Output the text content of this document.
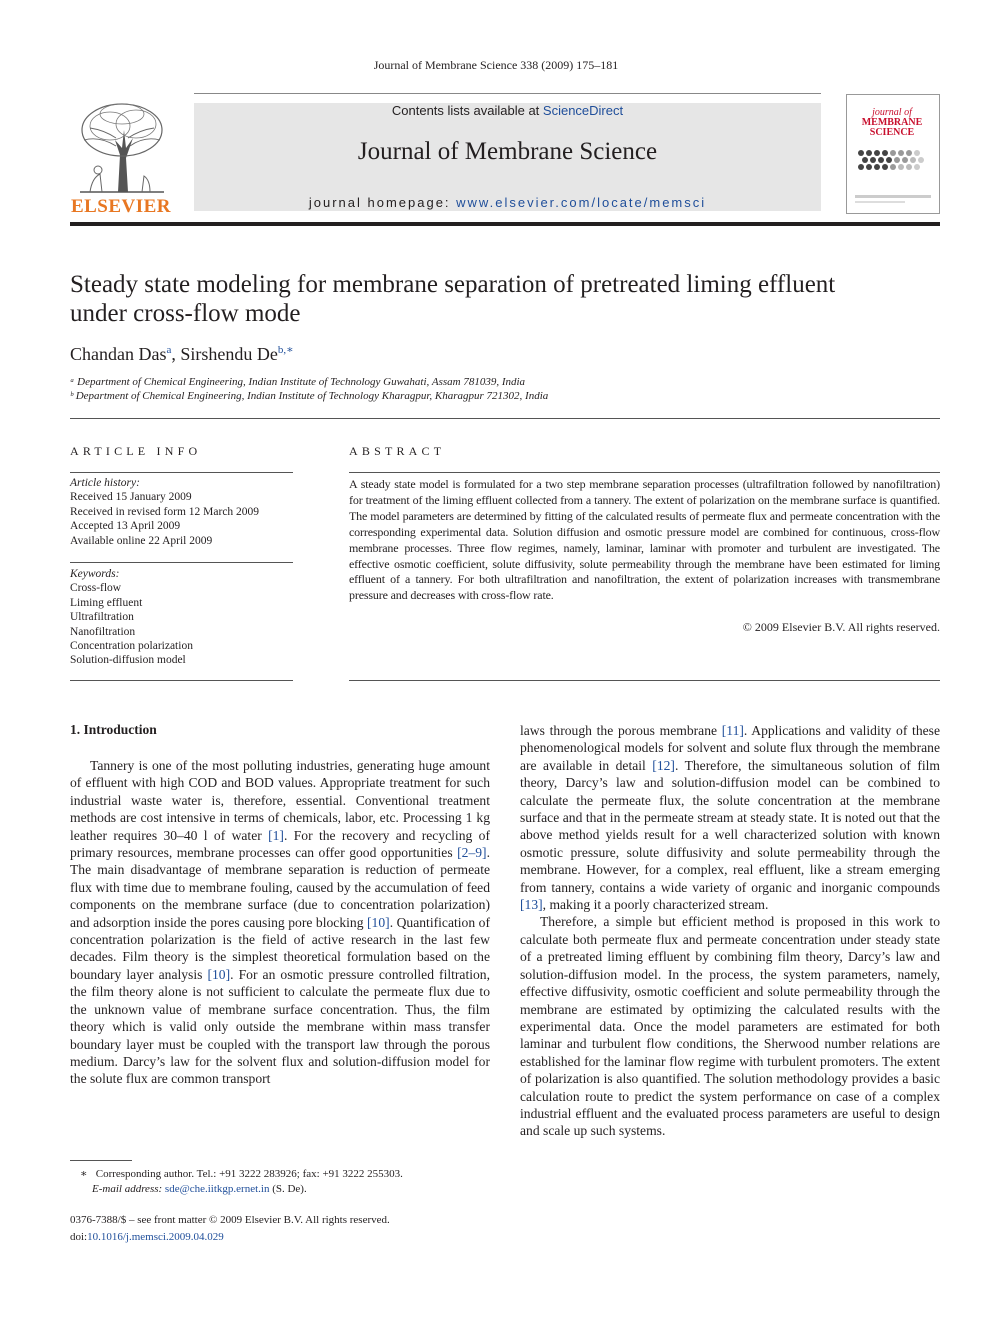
Journal of Membrane Science 338 (2009) 175–181
ELSEVIER
Contents lists available at ScienceDirect
Journal of Membrane Science
journal homepage: www.elsevier.com/locate/memsci
journal of
MEMBRANE
SCIENCE
Steady state modeling for membrane separation of pretreated liming effluent
under cross-flow mode
Chandan Das$^a$, Sirshendu $De^{b,∗}$
ᵃ Department of Chemical Engineering, Indian Institute of Technology Guwahati, Assam 781039, India
ᵇ Department of Chemical Engineering, Indian Institute of Technology Kharagpur, Kharagpur 721302, India
ARTICLE INFO
Article history:
Received 15 January 2009
Received in revised form 12 March 2009
Accepted 13 April 2009
Available online 22 April 2009
Keywords:
Cross-flow
Liming effluent
Ultrafiltration
Nanofiltration
Concentration polarization
Solution-diffusion model
ABSTRACT
A steady state model is formulated for a two step membrane separation processes (ultrafiltration followed by nanofiltration) for treatment of the liming effluent collected from a tannery. The extent of polarization on the membrane surface is quantified. The model parameters are determined by fitting of the calculated results of permeate flux and permeate concentration with the corresponding experimental data. Solution diffusion and osmotic pressure model are combined for continuous, cross-flow membrane processes. Three flow regimes, namely, laminar, laminar with promoter and turbulent are investigated. The effective osmotic coefficient, solute diffusivity, solute permeability through the membrane have been estimated for liming effluent of a tannery. For both ultrafiltration and nanofiltration, the extent of polarization increases with transmembrane pressure and decreases with cross-flow rate.
© 2009 Elsevier B.V. All rights reserved.
1. Introduction

Tannery is one of the most polluting industries, generating huge amount of effluent with high COD and BOD values. Appropriate treatment for such industrial waste water is, therefore, essential. Conventional treatment methods are cost intensive in terms of chemicals, labor, etc. Processing 1 kg leather requires 30–40 l of water [1]. For the recovery and recycling of primary resources, membrane processes can offer good opportunities [2–9]. The main disadvantage of membrane separation is reduction of permeate flux with time due to membrane fouling, caused by the accumulation of feed components on the membrane surface (due to concentration polarization) and adsorption inside the pores causing pore blocking [10]. Quantification of concentration polarization is the field of active research in the last few decades. Film theory is the simplest theoretical formulation based on the boundary layer analysis [10]. For an osmotic pressure controlled filtration, the film theory alone is not sufficient to calculate the permeate flux due to the unknown value of membrane surface concentration. Thus, the film theory which is valid only outside the membrane within mass transfer boundary layer must be coupled with the transport law through the porous medium. Darcy’s law for the solvent flux and solution-diffusion model for the solute flux are common transport

laws through the porous membrane [11]. Applications and validity of these phenomenological models for solvent and solute flux through the membrane are available in detail [12]. Therefore, the simultaneous solution of film theory, Darcy’s law and solution-diffusion model can be combined to calculate the permeate flux, the solute concentration at the membrane surface and that in the permeate stream at steady state. It is noted out that the above method yields result for a well characterized solution with known osmotic pressure, solute diffusivity and solute permeability through the membrane. However, for a complex, real effluent, like a stream emerging from tannery, contains a wide variety of organic and inorganic compounds [13], making it a poorly characterized stream.

Therefore, a simple but efficient method is proposed in this work to calculate both permeate flux and permeate concentration under steady state of a pretreated liming effluent by combining film theory, Darcy’s law and solution-diffusion model. In the process, the system parameters, namely, effective diffusivity, osmotic coefficient and solute permeability through the membrane are estimated by optimizing the calculated results with the experimental data. Once the model parameters are estimated for both laminar and turbulent flow conditions, the Sherwood number relations are established for the laminar flow regime with turbulent promoters. The extent of polarization is also quantified. The solution methodology provides a basic calculation route to predict the system performance on case of a complex industrial effluent and the evaluated process parameters are useful to design and scale up such systems.

∗ Corresponding author. Tel.: +91 3222 283926; fax: +91 3222 255303.
E-mail address: sde@che.iitkgp.ernet.in (S. De).
0376-7388/$ – see front matter © 2009 Elsevier B.V. All rights reserved.
doi:10.1016/j.memsci.2009.04.029
